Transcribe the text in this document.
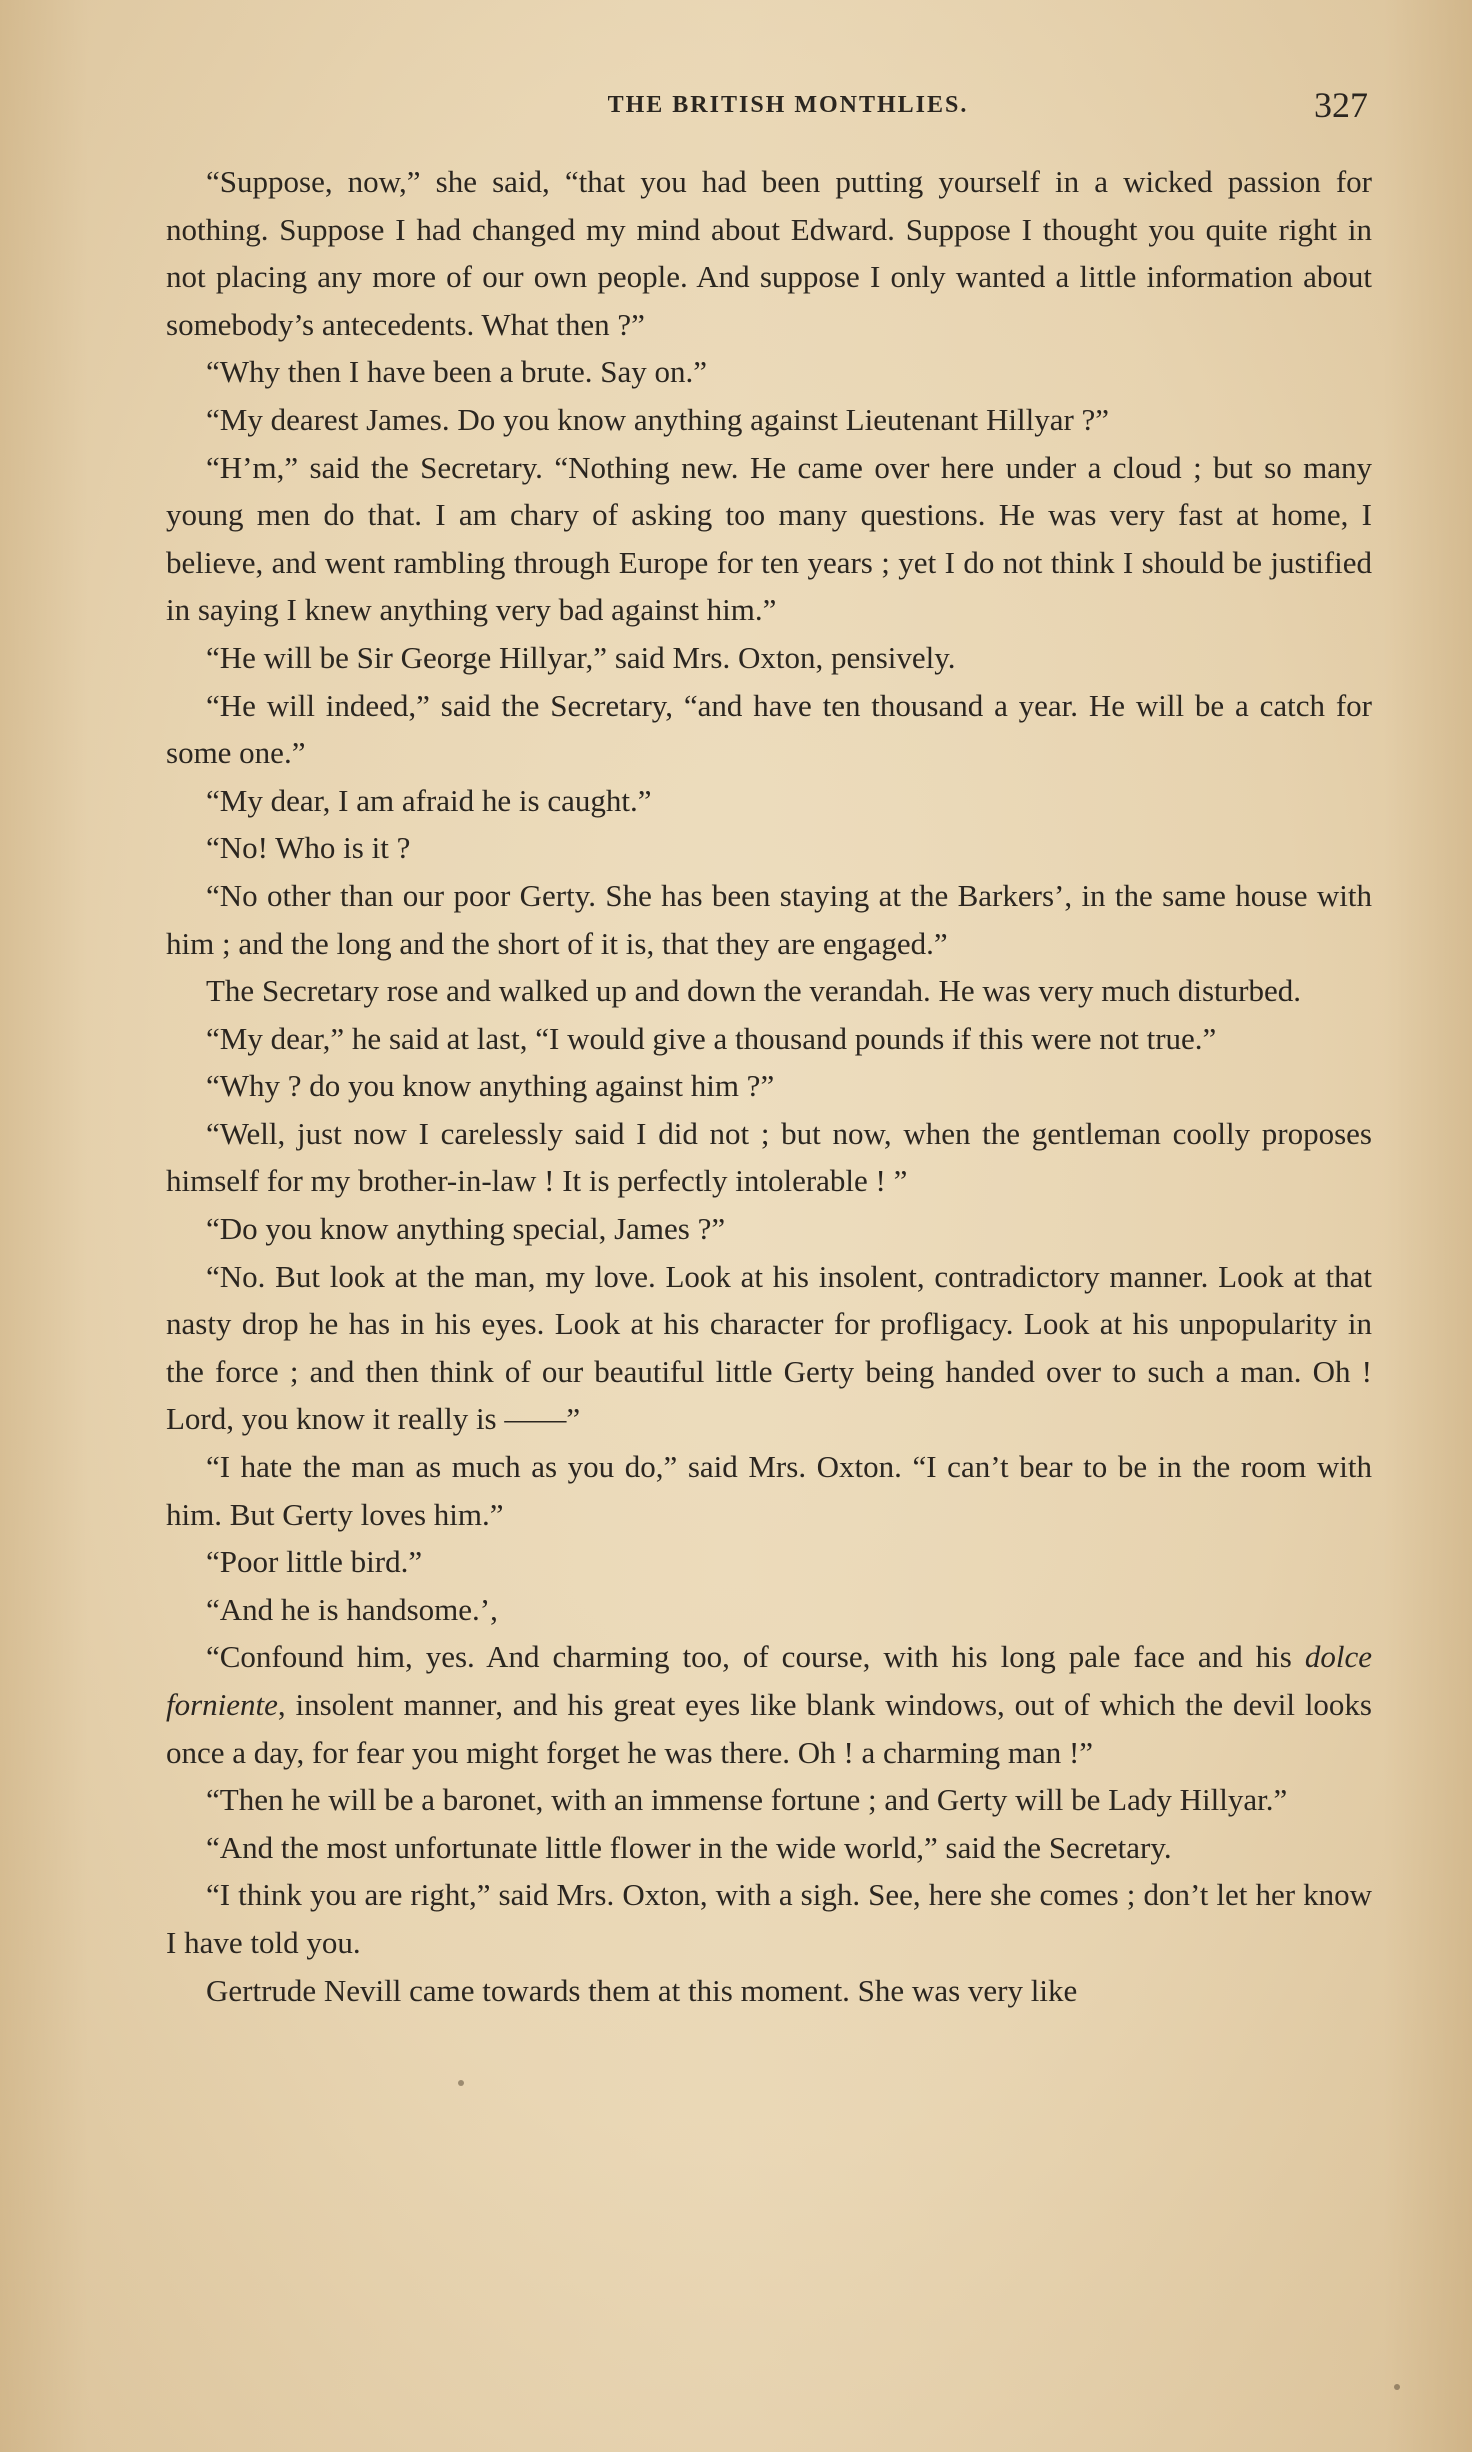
THE BRITISH MONTHLIES.	327

“Suppose, now,” she said, “that you had been putting yourself in a wicked passion for nothing. Suppose I had changed my mind about Edward. Suppose I thought you quite right in not placing any more of our own people. And suppose I only wanted a little information about somebody’s antecedents. What then ?”

“Why then I have been a brute. Say on.”

“My dearest James. Do you know anything against Lieutenant Hillyar ?”

“H’m,” said the Secretary. “Nothing new. He came over here under a cloud ; but so many young men do that. I am chary of asking too many questions. He was very fast at home, I believe, and went rambling through Europe for ten years ; yet I do not think I should be justified in saying I knew anything very bad against him.”

“He will be Sir George Hillyar,” said Mrs. Oxton, pensively.

“He will indeed,” said the Secretary, “and have ten thousand a year. He will be a catch for some one.”

“My dear, I am afraid he is caught.”

“No! Who is it ?

“No other than our poor Gerty. She has been staying at the Barkers’, in the same house with him ; and the long and the short of it is, that they are engaged.”

The Secretary rose and walked up and down the verandah. He was very much disturbed.

“My dear,” he said at last, “I would give a thousand pounds if this were not true.”

“Why ? do you know anything against him ?”

“Well, just now I carelessly said I did not ; but now, when the gentleman coolly proposes himself for my brother-in-law ! It is perfectly intolerable ! ”

“Do you know anything special, James ?”

“No. But look at the man, my love. Look at his insolent, contradictory manner. Look at that nasty drop he has in his eyes. Look at his character for profligacy. Look at his unpopularity in the force ; and then think of our beautiful little Gerty being handed over to such a man. Oh ! Lord, you know it really is ——”

“I hate the man as much as you do,” said Mrs. Oxton. “I can’t bear to be in the room with him. But Gerty loves him.”

“Poor little bird.”

“And he is handsome.’,

“Confound him, yes. And charming too, of course, with his long pale face and his dolce forniente, insolent manner, and his great eyes like blank windows, out of which the devil looks once a day, for fear you might forget he was there. Oh ! a charming man !”

“Then he will be a baronet, with an immense fortune ; and Gerty will be Lady Hillyar.”

“And the most unfortunate little flower in the wide world,” said the Secretary.

“I think you are right,” said Mrs. Oxton, with a sigh. See, here she comes ; don’t let her know I have told you.

Gertrude Nevill came towards them at this moment. She was very like
